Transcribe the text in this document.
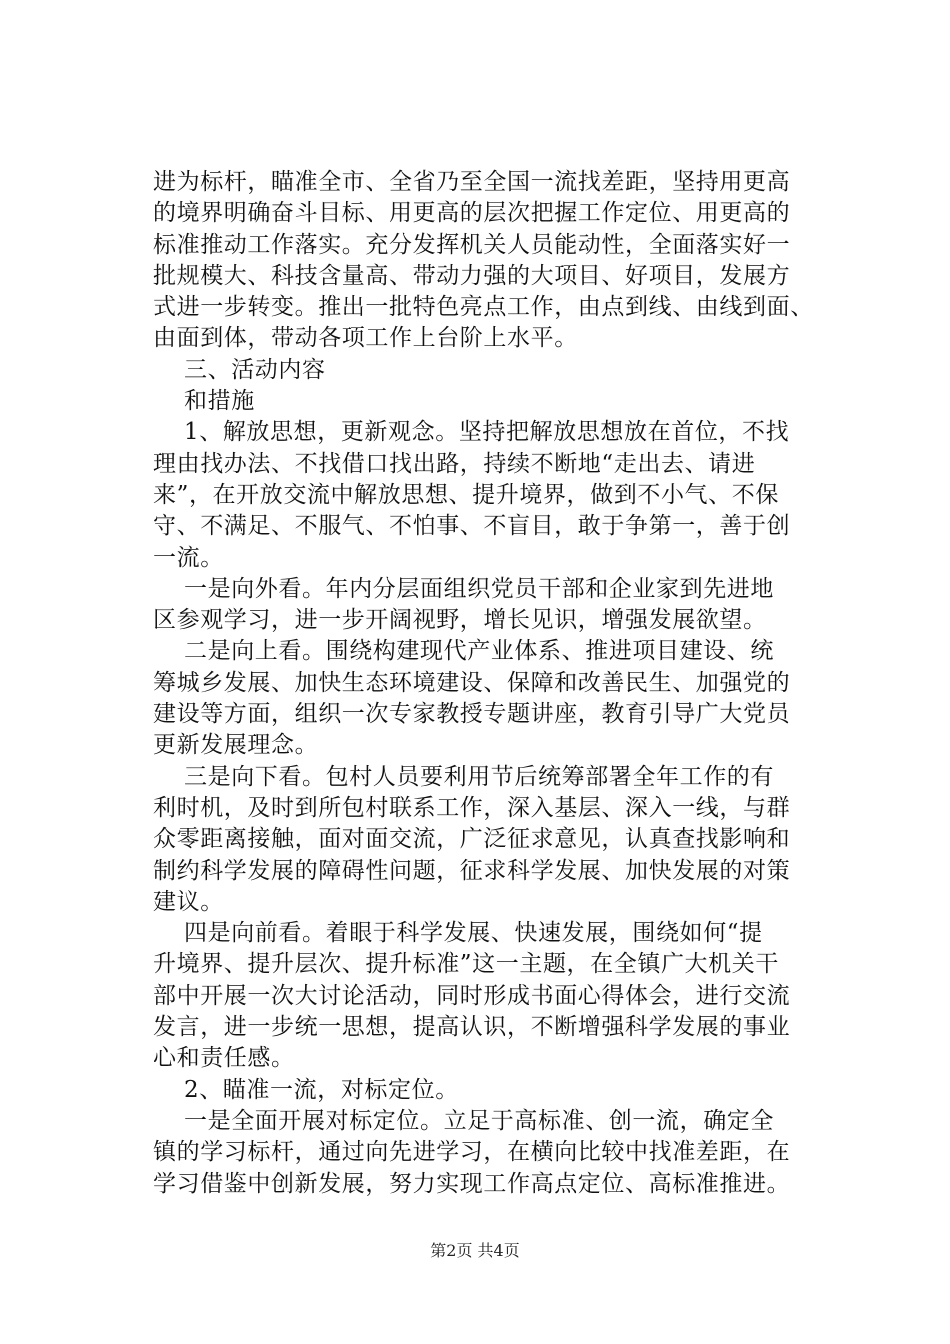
进为标杆，瞄准全市、全省乃至全国一流找差距，坚持用更高
的境界明确奋斗目标、用更高的层次把握工作定位、用更高的
标准推动工作落实。充分发挥机关人员能动性，全面落实好一
批规模大、科技含量高、带动力强的大项目、好项目，发展方
式进一步转变。推出一批特色亮点工作，由点到线、由线到面、
由面到体，带动各项工作上台阶上水平。
三、活动内容
和措施
1、解放思想，更新观念。坚持把解放思想放在首位，不找
理由找办法、不找借口找出路，持续不断地“走出去、请进
来”，在开放交流中解放思想、提升境界，做到不小气、不保
守、不满足、不服气、不怕事、不盲目，敢于争第一，善于创
一流。
一是向外看。年内分层面组织党员干部和企业家到先进地
区参观学习，进一步开阔视野，增长见识，增强发展欲望。
二是向上看。围绕构建现代产业体系、推进项目建设、统
筹城乡发展、加快生态环境建设、保障和改善民生、加强党的
建设等方面，组织一次专家教授专题讲座，教育引导广大党员
更新发展理念。
三是向下看。包村人员要利用节后统筹部署全年工作的有
利时机，及时到所包村联系工作，深入基层、深入一线，与群
众零距离接触，面对面交流，广泛征求意见，认真查找影响和
制约科学发展的障碍性问题，征求科学发展、加快发展的对策
建议。
四是向前看。着眼于科学发展、快速发展，围绕如何“提
升境界、提升层次、提升标准”这一主题，在全镇广大机关干
部中开展一次大讨论活动，同时形成书面心得体会，进行交流
发言，进一步统一思想，提高认识，不断增强科学发展的事业
心和责任感。
2、瞄准一流，对标定位。
一是全面开展对标定位。立足于高标准、创一流，确定全
镇的学习标杆，通过向先进学习，在横向比较中找准差距，在
学习借鉴中创新发展，努力实现工作高点定位、高标准推进。
第2页 共4页
